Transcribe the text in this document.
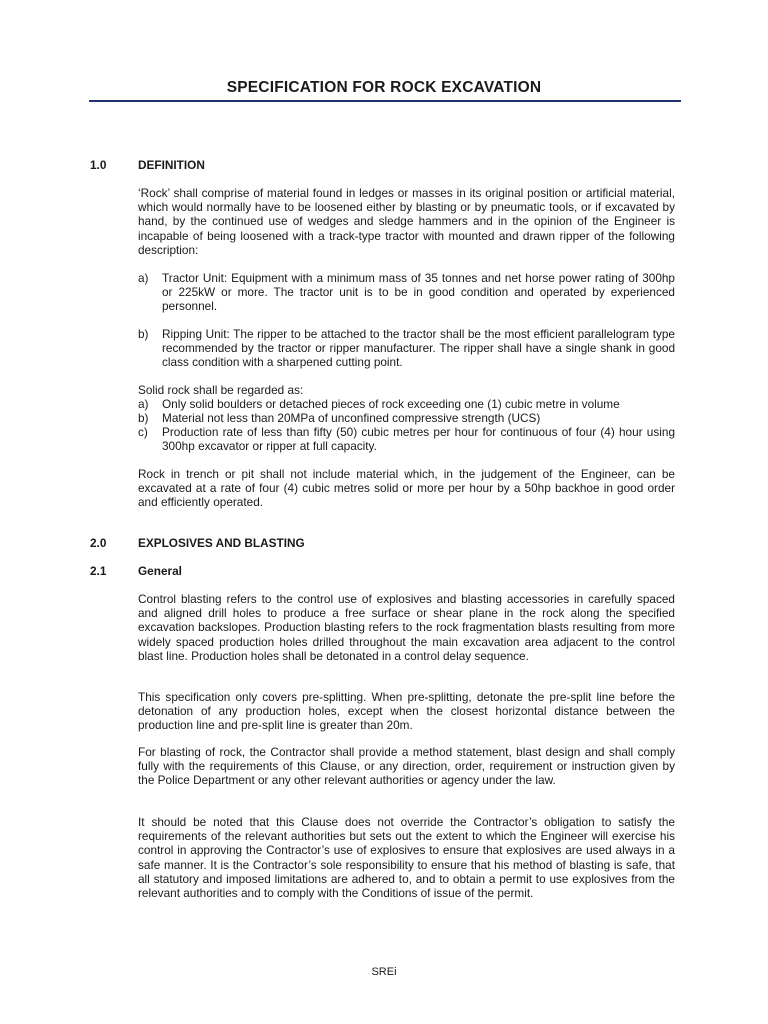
SPECIFICATION FOR ROCK EXCAVATION
1.0	DEFINITION

‘Rock’ shall comprise of material found in ledges or masses in its original position or artificial material, which would normally have to be loosened either by blasting or by pneumatic tools, or if excavated by hand, by the continued use of wedges and sledge hammers and in the opinion of the Engineer is incapable of being loosened with a track-type tractor with mounted and drawn ripper of the following description:

a) Tractor Unit: Equipment with a minimum mass of 35 tonnes and net horse power rating of 300hp or 225kW or more. The tractor unit is to be in good condition and operated by experienced personnel.
b) Ripping Unit: The ripper to be attached to the tractor shall be the most efficient parallelogram type recommended by the tractor or ripper manufacturer. The ripper shall have a single shank in good class condition with a sharpened cutting point.

Solid rock shall be regarded as:

a) Only solid boulders or detached pieces of rock exceeding one (1) cubic metre in volume
b) Material not less than 20MPa of unconfined compressive strength (UCS)
c) Production rate of less than fifty (50) cubic metres per hour for continuous of four (4) hour using 300hp excavator or ripper at full capacity.

Rock in trench or pit shall not include material which, in the judgement of the Engineer, can be excavated at a rate of four (4) cubic metres solid or more per hour by a 50hp backhoe in good order and efficiently operated.

2.0	EXPLOSIVES AND BLASTING
2.1	General

Control blasting refers to the control use of explosives and blasting accessories in carefully spaced and aligned drill holes to produce a free surface or shear plane in the rock along the specified excavation backslopes. Production blasting refers to the rock fragmentation blasts resulting from more widely spaced production holes drilled throughout the main excavation area adjacent to the control blast line. Production holes shall be detonated in a control delay sequence.

This specification only covers pre-splitting. When pre-splitting, detonate the pre-split line before the detonation of any production holes, except when the closest horizontal distance between the production line and pre-split line is greater than 20m.

For blasting of rock, the Contractor shall provide a method statement, blast design and shall comply fully with the requirements of this Clause, or any direction, order, requirement or instruction given by the Police Department or any other relevant authorities or agency under the law.

It should be noted that this Clause does not override the Contractor’s obligation to satisfy the requirements of the relevant authorities but sets out the extent to which the Engineer will exercise his control in approving the Contractor’s use of explosives to ensure that explosives are used always in a safe manner. It is the Contractor’s sole responsibility to ensure that his method of blasting is safe, that all statutory and imposed limitations are adhered to, and to obtain a permit to use explosives from the relevant authorities and to comply with the Conditions of issue of the permit.

SREi
